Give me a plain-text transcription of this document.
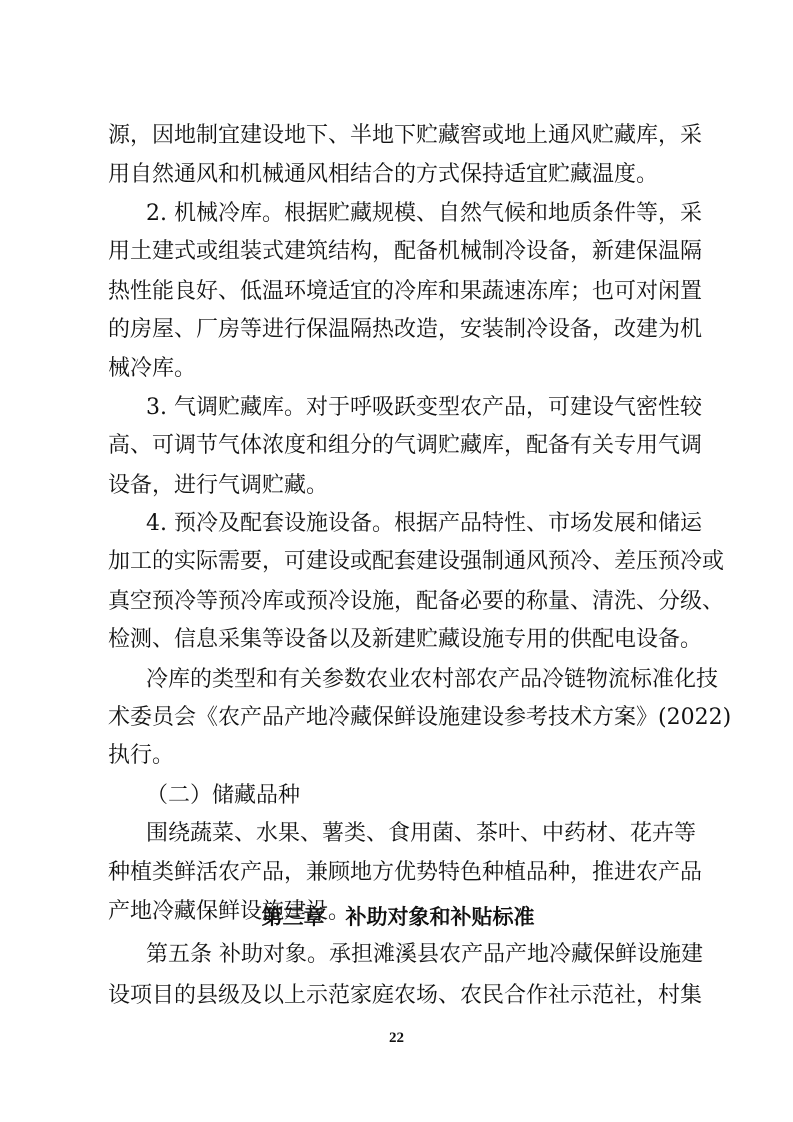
源，因地制宜建设地下、半地下贮藏窖或地上通风贮藏库，采
用自然通风和机械通风相结合的方式保持适宜贮藏温度。
2. 机械冷库。根据贮藏规模、自然气候和地质条件等，采
用土建式或组装式建筑结构，配备机械制冷设备，新建保温隔
热性能良好、低温环境适宜的冷库和果蔬速冻库；也可对闲置
的房屋、厂房等进行保温隔热改造，安装制冷设备，改建为机
械冷库。
3. 气调贮藏库。对于呼吸跃变型农产品，可建设气密性较
高、可调节气体浓度和组分的气调贮藏库，配备有关专用气调
设备，进行气调贮藏。
4. 预冷及配套设施设备。根据产品特性、市场发展和储运
加工的实际需要，可建设或配套建设强制通风预冷、差压预冷或
真空预冷等预冷库或预冷设施，配备必要的称量、清洗、分级、
检测、信息采集等设备以及新建贮藏设施专用的供配电设备。
冷库的类型和有关参数农业农村部农产品冷链物流标准化技
术委员会《农产品产地冷藏保鲜设施建设参考技术方案》(2022)
执行。
（二）储藏品种
围绕蔬菜、水果、薯类、食用菌、茶叶、中药材、花卉等
种植类鲜活农产品，兼顾地方优势特色种植品种，推进农产品
产地冷藏保鲜设施建设。
第三章　补助对象和补贴标准
第五条 补助对象。承担滩溪县农产品产地冷藏保鲜设施建
设项目的县级及以上示范家庭农场、农民合作社示范社，村集
22
